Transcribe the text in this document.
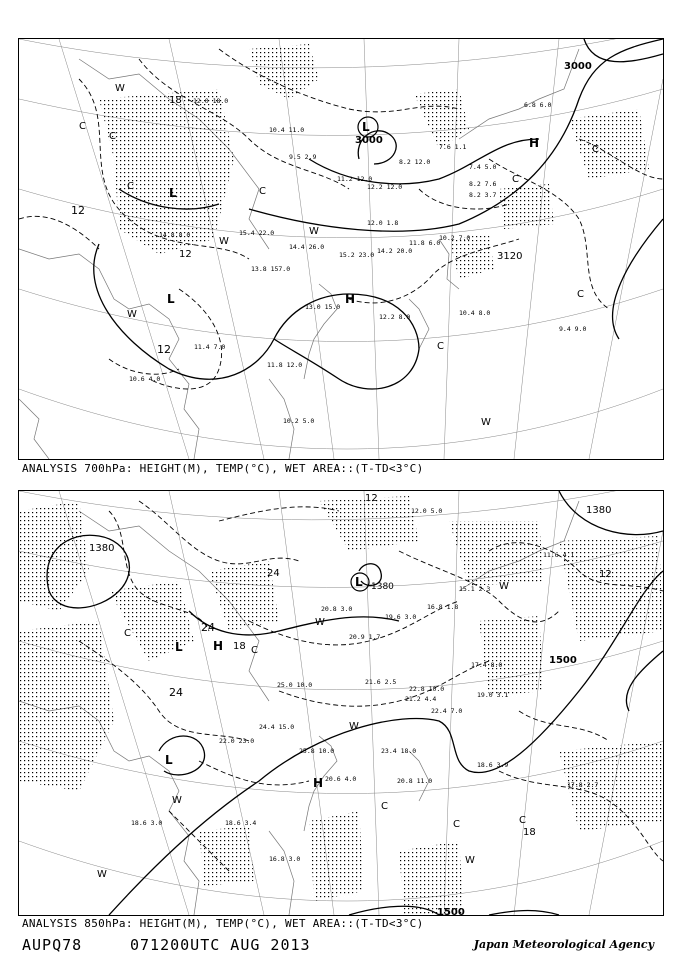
3000
3000
3120
12
12
12
18
L
L
L	H
H
C
C
C	C
C
C
C
C
W
W
W
W
W
10.4 11.0
9.5 2.9
11.2 12.0
12.2 12.0
14.8 8.0	15.4 22.0
14.4 26.0
13.8 157.0
15.2 23.0 14.2 20.0
12.0 1.8
11.8 6.0
10.2 7.0
13.0 15.0
12.2 8.0	10.4 8.0
9.4 9.0
11.8 12.0
10.2 5.0
10.6 4.0
7.4 5.0
8.2 7.6
8.2 3.7
6.8 6.0
7.6 1.1
8.2 12.0
12.0 18.0
11.4 7.0
ANALYSIS 700hPa: HEIGHT(M), TEMP(°C), WET AREA::(T-TD<3°C)
1380
1380
1380
1500
1500
24
24
24
18
18
12
12
L
L
L
H
H
C
C
C
C	C
W
W
W
W
W
W
20.8 3.0
19.6 3.0
25.0 10.0
20.9 1.7
21.6 2.5
22.8 10.0
21.2 4.4
22.4 7.0
19.0 3.1
17.4 8.0
16.8 1.8
18.6 3.9
20.8 11.0
23.4 18.0
24.4 15.0
25.8 10.0
22.0 23.0
20.6 4.0
18.6 3.4
16.8 3.0
17.8 2.7
18.6 3.0
11.6 4.1
15.1 2.3
12.0 5.0
ANALYSIS 850hPa: HEIGHT(M), TEMP(°C), WET AREA::(T-TD<3°C)
AUPQ78	071200UTC AUG 2013	Japan Meteorological Agency
